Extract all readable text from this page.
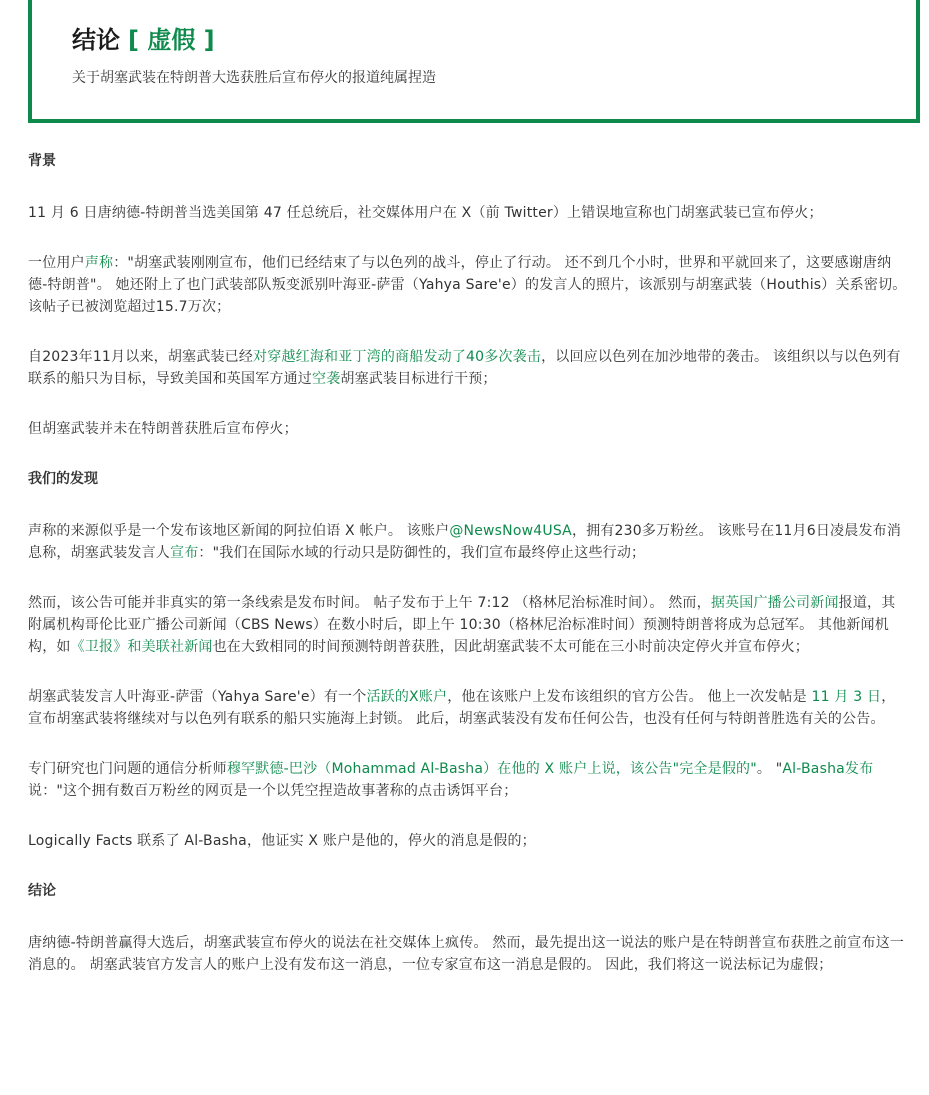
结论 [ 虚假 ]

关于胡塞武装在特朗普大选获胜后宣布停火的报道纯属捏造

背景

11 月 6 日唐纳德-特朗普当选美国第 47 任总统后，社交媒体用户在 X（前 Twitter）上错误地宣称也门胡塞武装已宣布停火；

一位用户声称："胡塞武装刚刚宣布，他们已经结束了与以色列的战斗，停止了行动。 还不到几个小时，世界和平就回来了，这要感谢唐纳德-特朗普"。 她还附上了也门武装部队叛变派别叶海亚-萨雷（Yahya Sare'e）的发言人的照片，该派别与胡塞武装（Houthis）关系密切。 该帖子已被浏览超过15.7万次；

自2023年11月以来，胡塞武装已经对穿越红海和亚丁湾的商船发动了40多次袭击，以回应以色列在加沙地带的袭击。 该组织以与以色列有联系的船只为目标，导致美国和英国军方通过空袭胡塞武装目标进行干预；

但胡塞武装并未在特朗普获胜后宣布停火；

我们的发现

声称的来源似乎是一个发布该地区新闻的阿拉伯语 X 帐户。 该账户@NewsNow4USA，拥有230多万粉丝。 该账号在11月6日凌晨发布消息称，胡塞武装发言人宣布："我们在国际水域的行动只是防御性的，我们宣布最终停止这些行动；

然而，该公告可能并非真实的第一条线索是发布时间。 帖子发布于上午 7:12 （格林尼治标准时间）。 然而，据英国广播公司新闻报道，其附属机构哥伦比亚广播公司新闻（CBS News）在数小时后，即上午 10:30（格林尼治标准时间）预测特朗普将成为总冠军。 其他新闻机构，如《卫报》和美联社新闻也在大致相同的时间预测特朗普获胜，因此胡塞武装不太可能在三小时前决定停火并宣布停火；

胡塞武装发言人叶海亚-萨雷（Yahya Sare'e）有一个活跃的X账户，他在该账户上发布该组织的官方公告。 他上一次发帖是 11 月 3 日，宣布胡塞武装将继续对与以色列有联系的船只实施海上封锁。 此后，胡塞武装没有发布任何公告，也没有任何与特朗普胜选有关的公告。

专门研究也门问题的通信分析师穆罕默德-巴沙（Mohammad Al-Basha）在他的 X 账户上说，该公告"完全是假的"。 "Al-Basha发布说："这个拥有数百万粉丝的网页是一个以凭空捏造故事著称的点击诱饵平台；

Logically Facts 联系了 Al-Basha，他证实 X 账户是他的，停火的消息是假的；

结论

唐纳德-特朗普赢得大选后，胡塞武装宣布停火的说法在社交媒体上疯传。 然而，最先提出这一说法的账户是在特朗普宣布获胜之前宣布这一消息的。 胡塞武装官方发言人的账户上没有发布这一消息，一位专家宣布这一消息是假的。 因此，我们将这一说法标记为虚假；
